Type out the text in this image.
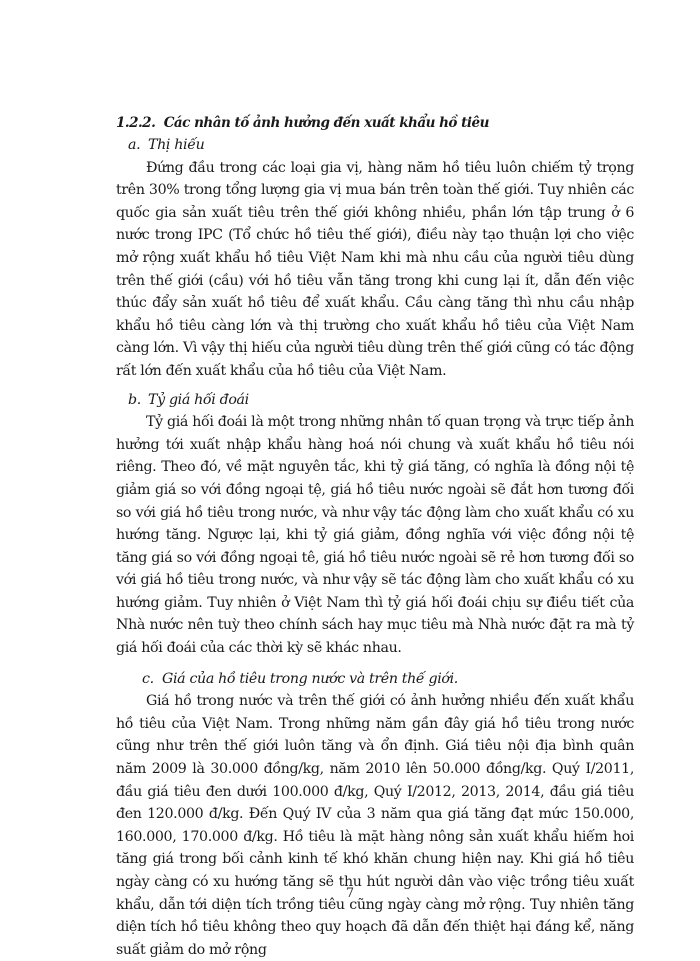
1.2.2. Các nhân tố ảnh hưởng đến xuất khẩu hồ tiêu

a. Thị hiếu

Đứng đầu trong các loại gia vị, hàng năm hồ tiêu luôn chiếm tỷ trọng trên 30% trong tổng lượng gia vị mua bán trên toàn thế giới. Tuy nhiên các quốc gia sản xuất tiêu trên thế giới không nhiều, phần lớn tập trung ở 6 nước trong IPC (Tổ chức hồ tiêu thế giới), điều này tạo thuận lợi cho việc mở rộng xuất khẩu hồ tiêu Việt Nam khi mà nhu cầu của người tiêu dùng trên thế giới (cầu) với hồ tiêu vẫn tăng trong khi cung lại ít, dẫn đến việc thúc đẩy sản xuất hồ tiêu để xuất khẩu. Cầu càng tăng thì nhu cầu nhập khẩu hồ tiêu càng lớn và thị trường cho xuất khẩu hồ tiêu của Việt Nam càng lớn. Vì vậy thị hiếu của người tiêu dùng trên thế giới cũng có tác động rất lớn đến xuất khẩu của hồ tiêu của Việt Nam.

b. Tỷ giá hối đoái

Tỷ giá hối đoái là một trong những nhân tố quan trọng và trực tiếp ảnh hưởng tới xuất nhập khẩu hàng hoá nói chung và xuất khẩu hồ tiêu nói riêng. Theo đó, về mặt nguyên tắc, khi tỷ giá tăng, có nghĩa là đồng nội tệ giảm giá so với đồng ngoại tệ, giá hồ tiêu nước ngoài sẽ đắt hơn tương đối so với giá hồ tiêu trong nước, và như vậy tác động làm cho xuất khẩu có xu hướng tăng. Ngược lại, khi tỷ giá giảm, đồng nghĩa với việc đồng nội tệ tăng giá so với đồng ngoại tê, giá hồ tiêu nước ngoài sẽ rẻ hơn tương đối so với giá hồ tiêu trong nước, và như vậy sẽ tác động làm cho xuất khẩu có xu hướng giảm. Tuy nhiên ở Việt Nam thì tỷ giá hối đoái chịu sự điều tiết của Nhà nước nên tuỳ theo chính sách hay mục tiêu mà Nhà nước đặt ra mà tỷ giá hối đoái của các thời kỳ sẽ khác nhau.

c. Giá của hồ tiêu trong nước và trên thế giới.

Giá hồ trong nước và trên thế giới có ảnh hưởng nhiều đến xuất khẩu hồ tiêu của Việt Nam. Trong những năm gần đây giá hồ tiêu trong nước cũng như trên thế giới luôn tăng và ổn định. Giá tiêu nội địa bình quân năm 2009 là 30.000 đồng/kg, năm 2010 lên 50.000 đồng/kg. Quý I/2011, đầu giá tiêu đen dưới 100.000 đ/kg, Quý I/2012, 2013, 2014, đầu giá tiêu đen 120.000 đ/kg. Đến Quý IV của 3 năm qua giá tăng đạt mức 150.000, 160.000, 170.000 đ/kg. Hồ tiêu là mặt hàng nông sản xuất khẩu hiếm hoi tăng giá trong bối cảnh kinh tế khó khăn chung hiện nay. Khi giá hồ tiêu ngày càng có xu hướng tăng sẽ thu hút người dân vào việc trồng tiêu xuất khẩu, dẫn tới diện tích trồng tiêu cũng ngày càng mở rộng. Tuy nhiên tăng diện tích hồ tiêu không theo quy hoạch đã dẫn đến thiệt hại đáng kể, năng suất giảm do mở rộng

7
